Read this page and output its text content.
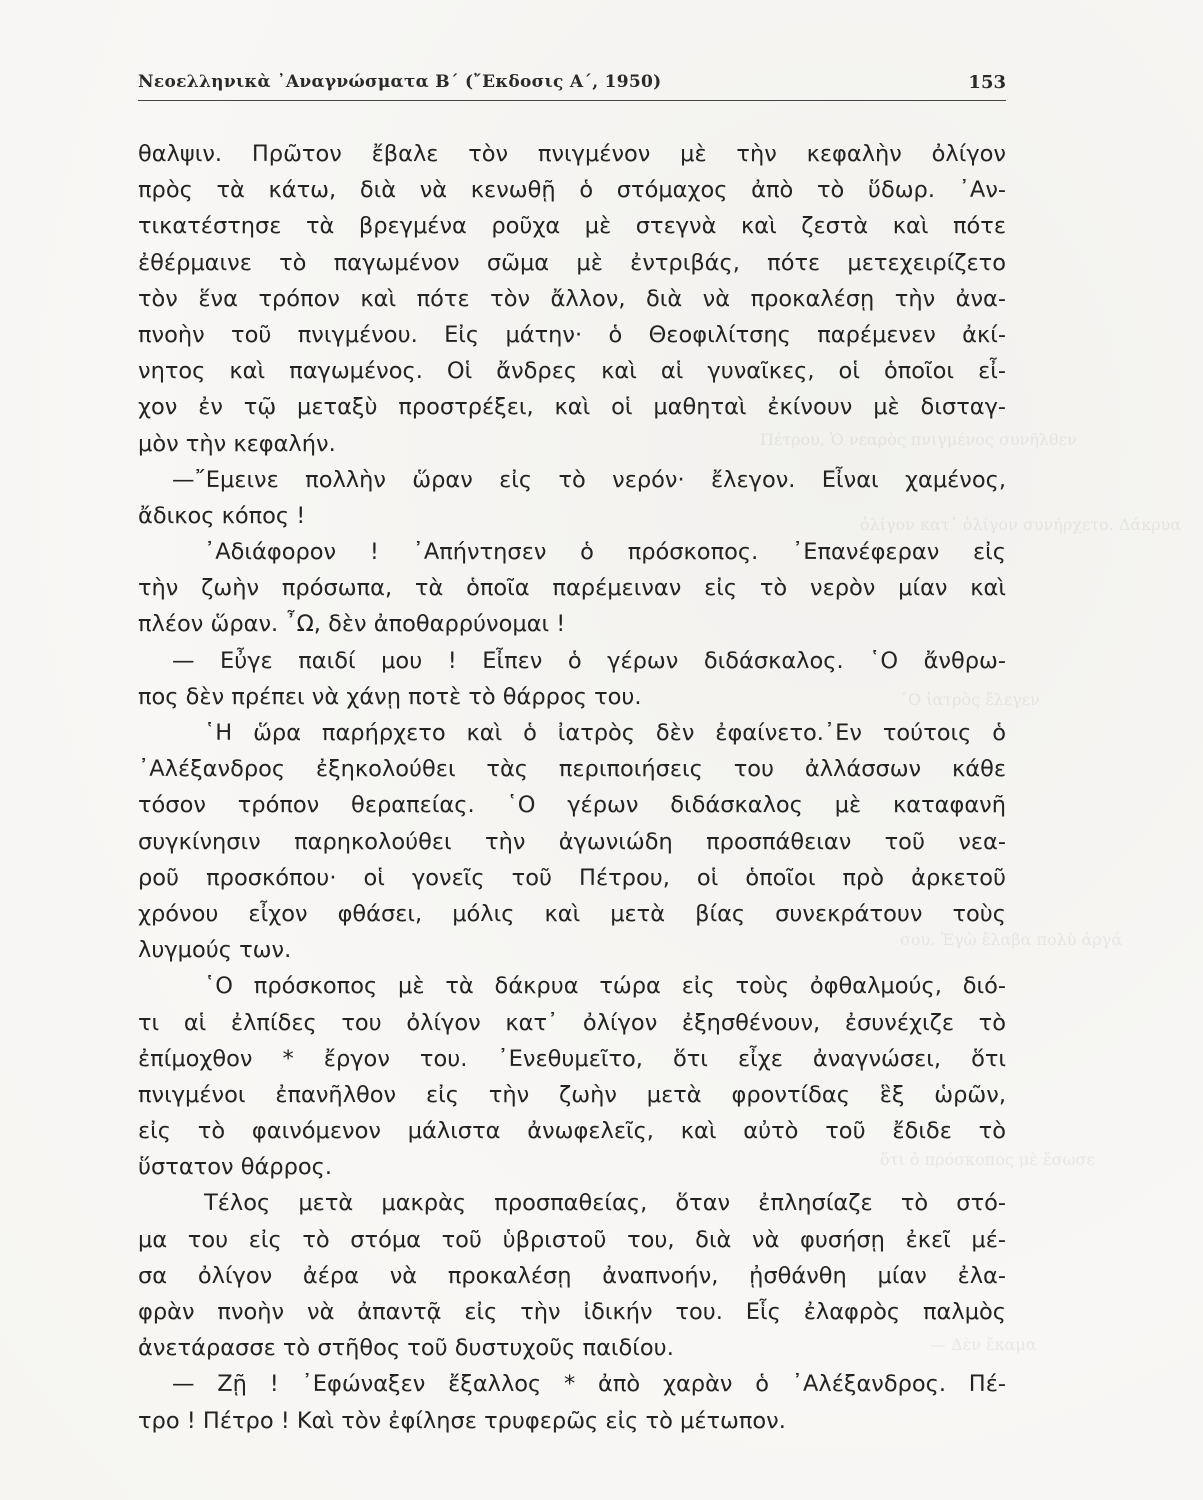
Πέτρου, Ὁ νεαρὸς πνιγμένος συνῆλθεν
ὀλίγον κατ᾿ ὀλίγον συνήρχετο. Δάκρυα
῾Ο ἰατρὸς ἔλεγεν
σου. Ἐγὼ ἔλαβα πολὺ ἀργά
ὅτι ὁ πρόσκοπος μὲ ἔσωσε
— Δὲν ἔκαμα
Νεοελληνικὰ ᾿Αναγνώσματα Β΄ (῎Εκδοσις Α΄, 1950)	153
θαλψιν. Πρῶτον ἔβαλε τὸν πνιγμένον μὲ τὴν κεφαλὴν ὀλίγον
πρὸς τὰ κάτω, διὰ νὰ κενωθῇ ὁ στόμαχος ἀπὸ τὸ ὕδωρ. ᾿Αν-
τικατέστησε τὰ βρεγμένα ροῦχα μὲ στεγνὰ καὶ ζεστὰ καὶ πότε
ἐθέρμαινε τὸ παγωμένον σῶμα μὲ ἐντριβάς, πότε μετεχειρίζετο
τὸν ἕνα τρόπον καὶ πότε τὸν ἄλλον, διὰ νὰ προκαλέσῃ τὴν ἀνα-
πνοὴν τοῦ πνιγμένου. Εἰς μάτην· ὁ Θεοφιλίτσης παρέμενεν ἀκί-
νητος καὶ παγωμένος. Οἱ ἄνδρες καὶ αἱ γυναῖκες, οἱ ὁποῖοι εἶ-
χον ἐν τῷ μεταξὺ προστρέξει, καὶ οἱ μαθηταὶ ἐκίνουν μὲ δισταγ-
μὸν τὴν κεφαλήν.
—῎Εμεινε πολλὴν ὥραν εἰς τὸ νερόν· ἔλεγον. Εἶναι χαμένος,
ἄδικος κόπος !
᾿Αδιάφορον ! ᾿Απήντησεν ὁ πρόσκοπος. ᾿Επανέφεραν εἰς
τὴν ζωὴν πρόσωπα, τὰ ὁποῖα παρέμειναν εἰς τὸ νερὸν μίαν καὶ
πλέον ὥραν. ῏Ω, δὲν ἀποθαρρύνομαι !
— Εὖγε παιδί μου ! Εἶπεν ὁ γέρων διδάσκαλος. ῾Ο ἄνθρω-
πος δὲν πρέπει νὰ χάνῃ ποτὲ τὸ θάρρος του.
῾Η ὥρα παρήρχετο καὶ ὁ ἰατρὸς δὲν ἐφαίνετο.᾿Εν τούτοις ὁ
᾿Αλέξανδρος ἐξηκολούθει τὰς περιποιήσεις του ἀλλάσσων κάθε
τόσον τρόπον θεραπείας. ῾Ο γέρων διδάσκαλος μὲ καταφανῆ
συγκίνησιν παρηκολούθει τὴν ἀγωνιώδη προσπάθειαν τοῦ νεα-
ροῦ προσκόπου· οἱ γονεῖς τοῦ Πέτρου, οἱ ὁποῖοι πρὸ ἀρκετοῦ
χρόνου εἶχον φθάσει, μόλις καὶ μετὰ βίας συνεκράτουν τοὺς
λυγμούς των.
῾Ο πρόσκοπος μὲ τὰ δάκρυα τώρα εἰς τοὺς ὀφθαλμούς, διό-
τι αἱ ἐλπίδες του ὀλίγον κατ᾿ ὀλίγον ἐξησθένουν, ἐσυνέχιζε τὸ
ἐπίμοχθον * ἔργον του. ᾿Ενεθυμεῖτο, ὅτι εἶχε ἀναγνώσει, ὅτι
πνιγμένοι ἐπανῆλθον εἰς τὴν ζωὴν μετὰ φροντίδας ἓξ ὡρῶν,
εἰς τὸ φαινόμενον μάλιστα ἀνωφελεῖς, καὶ αὐτὸ τοῦ ἔδιδε τὸ
ὕστατον θάρρος.
Τέλος μετὰ μακρὰς προσπαθείας, ὅταν ἐπλησίαζε τὸ στό-
μα του εἰς τὸ στόμα τοῦ ὑβριστοῦ του, διὰ νὰ φυσήσῃ ἐκεῖ μέ-
σα ὀλίγον ἀέρα νὰ προκαλέσῃ ἀναπνοήν, ᾐσθάνθη μίαν ἐλα-
φρὰν πνοὴν νὰ ἀπαντᾷ εἰς τὴν ἰδικήν του. Εἷς ἐλαφρὸς παλμὸς
ἀνετάρασσε τὸ στῆθος τοῦ δυστυχοῦς παιδίου.
— Ζῇ ! ᾿Εφώναξεν ἔξαλλος * ἀπὸ χαρὰν ὁ ᾿Αλέξανδρος. Πέ-
τρο ! Πέτρο ! Καὶ τὸν ἐφίλησε τρυφερῶς εἰς τὸ μέτωπον.
